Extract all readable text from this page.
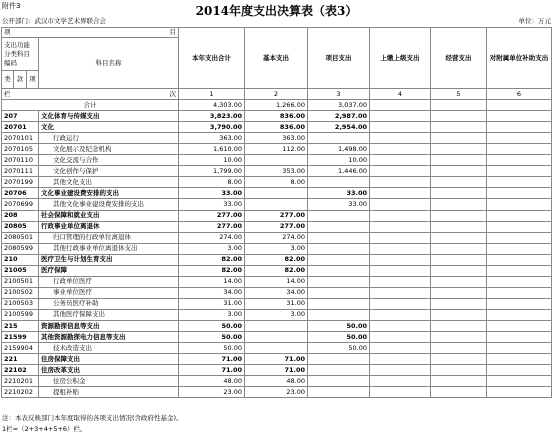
附件3	2014年度支出决算表（表3）
公开部门：武汉市文学艺术界联合会	单位：万元
项 目				本年支出合计	基本支出	项目支出	上缴上级支出	经营支出	对附属单位补助支出
支出功能分类科目编码			科目名称						
类	款	项							
栏 次				1	2	3	4	5	6
合计				4,303.00	1,266.00	3,037.00			
207			文化体育与传媒支出	3,823.00	836.00	2,987.00			
20701			文化	3,790.00	836.00	2,954.00			
2070101			行政运行	363.00	363.00				
2070105			文化展示及纪念机构	1,610.00	112.00	1,498.00			
2070110			文化交流与合作	10.00		10.00			
2070111			文化创作与保护	1,799.00	353.00	1,446.00			
2070199			其他文化支出	8.00	8.00				
20706			文化事业建设费安排的支出	33.00		33.00			
2070699			其他文化事业建设费安排的支出	33.00		33.00			
208			社会保障和就业支出	277.00	277.00				
20805			行政事业单位离退休	277.00	277.00				
2080501			归口管理的行政单位离退休	274.00	274.00				
2080599			其他行政事业单位离退休支出	3.00	3.00				
210			医疗卫生与计划生育支出	82.00	82.00				
21005			医疗保障	82.00	82.00				
2100501			行政单位医疗	14.00	14.00				
2100502			事业单位医疗	34.00	34.00				
2100503			公务员医疗补助	31.00	31.00				
2100599			其他医疗保障支出	3.00	3.00				
215			资源勘探信息等支出	50.00		50.00			
21599			其他资源勘探电力信息等支出	50.00		50.00			
2159904			技术改造支出	50.00		50.00			
221			住房保障支出	71.00	71.00				
22102			住房改革支出	71.00	71.00				
2210201			住房公积金	48.00	48.00				
2210202			提租补贴	23.00	23.00				
注：本表反映部门本年度取得的各项支出情况(含政府性基金)。
1栏=（2+3+4+5+6）栏。
